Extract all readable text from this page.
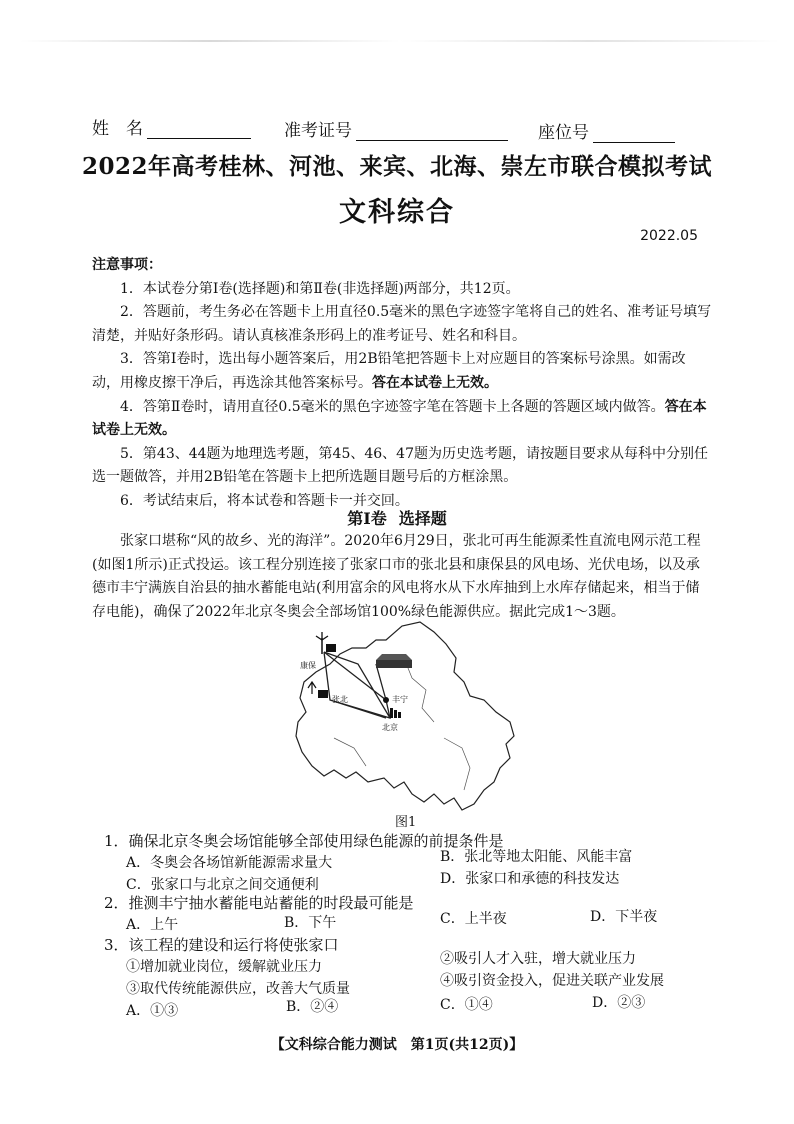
姓　名	准考证号	座位号
2022年高考桂林、河池、来宾、北海、崇左市联合模拟考试
文科综合
2022.05

注意事项：

1．本试卷分第Ⅰ卷(选择题)和第Ⅱ卷(非选择题)两部分，共12页。

2．答题前，考生务必在答题卡上用直径0.5毫米的黑色字迹签字笔将自己的姓名、准考证号填写清楚，并贴好条形码。请认真核准条形码上的准考证号、姓名和科目。

3．答第Ⅰ卷时，选出每小题答案后，用2B铅笔把答题卡上对应题目的答案标号涂黑。如需改动，用橡皮擦干净后，再选涂其他答案标号。答在本试卷上无效。

4．答第Ⅱ卷时，请用直径0.5毫米的黑色字迹签字笔在答题卡上各题的答题区域内做答。答在本试卷上无效。

5．第43、44题为地理选考题，第45、46、47题为历史选考题，请按题目要求从每科中分别任选一题做答，并用2B铅笔在答题卡上把所选题目题号后的方框涂黑。

6．考试结束后，将本试卷和答题卡一并交回。

第Ⅰ卷 选择题
张家口堪称“风的故乡、光的海洋”。2020年6月29日，张北可再生能源柔性直流电网示范工程(如图1所示)正式投运。该工程分别连接了张家口市的张北县和康保县的风电场、光伏电场，以及承德市丰宁满族自治县的抽水蓄能电站(利用富余的风电将水从下水库抽到上水库存储起来，相当于储存电能)，确保了2022年北京冬奥会全部场馆100%绿色能源供应。据此完成1～3题。
康保
丰宁
张北
北京
图1
1．确保北京冬奥会场馆能够全部使用绿色能源的前提条件是
A．冬奥会各场馆新能源需求量大	B．张北等地太阳能、风能丰富
C．张家口与北京之间交通便利	D．张家口和承德的科技发达
2．推测丰宁抽水蓄能电站蓄能的时段最可能是
A．上午	B．下午	C．上半夜	D．下半夜
3．该工程的建设和运行将使张家口
①增加就业岗位，缓解就业压力	②吸引人才入驻，增大就业压力
③取代传统能源供应，改善大气质量	④吸引资金投入，促进关联产业发展
A．①③	B．②④	C．①④	D．②③
【文科综合能力测试　第1页(共12页)】
